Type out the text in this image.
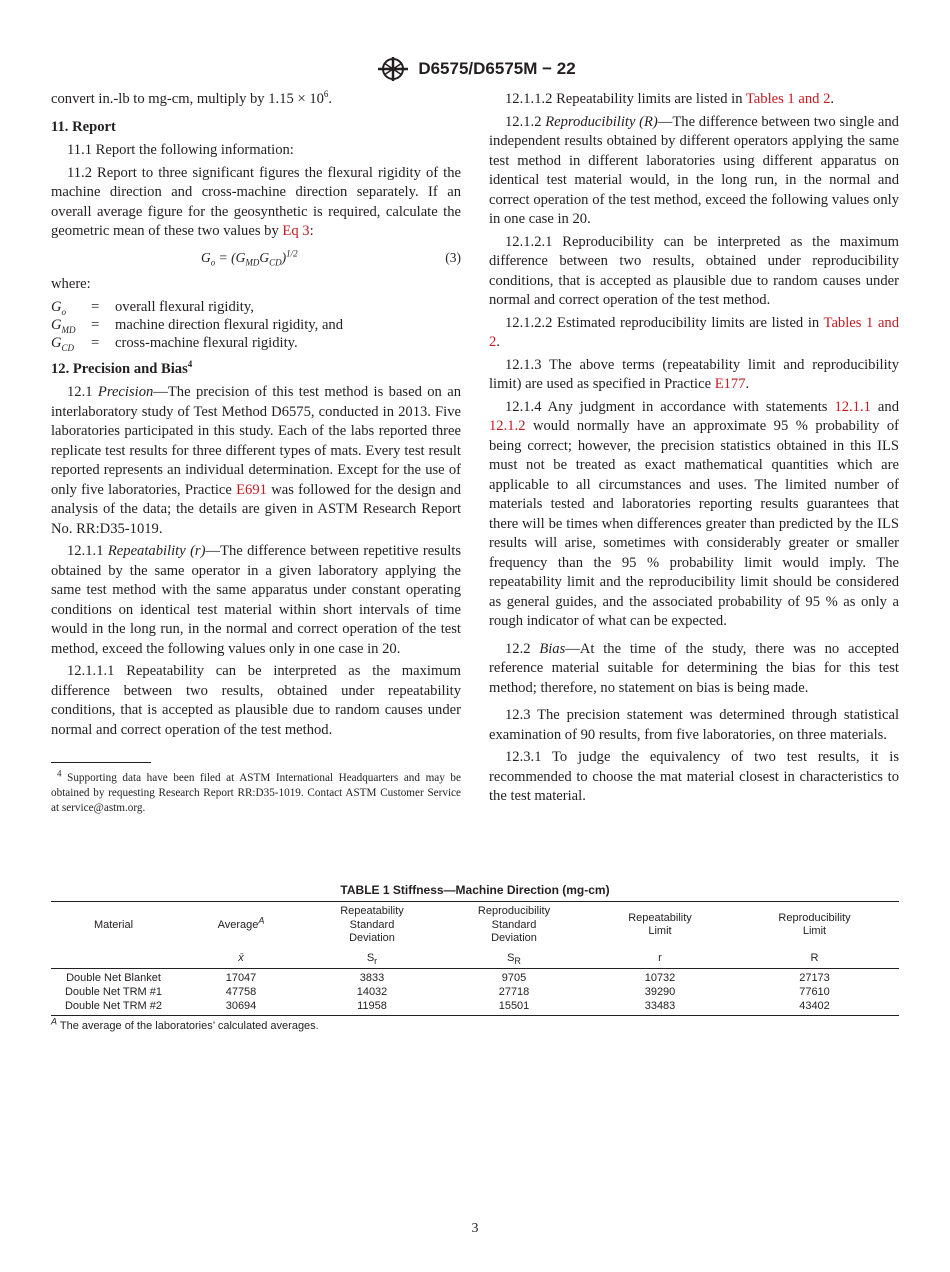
D6575/D6575M − 22

convert in.-lb to mg-cm, multiply by $1.15 \times 10^6$.

11. Report

11.1 Report the following information:

11.2 Report to three significant figures the flexural rigidity of the machine direction and cross-machine direction separately. If an overall average figure for the geosynthetic is required, calculate the geometric mean of these two values by Eq 3:

$G_o = (G_{MD}G_{CD})^{1/2}$	(3)

where:

$G_o$	=	overall flexural rigidity,
$G_{MD}$	=	machine direction flexural rigidity, and
$G_{CD}$	=	cross-machine flexural rigidity.
12. Precision and Bias$^4$

12.1 Precision—The precision of this test method is based on an interlaboratory study of Test Method D6575, conducted in 2013. Five laboratories participated in this study. Each of the labs reported three replicate test results for three different types of mats. Every test result reported represents an individual determination. Except for the use of only five laboratories, Practice E691 was followed for the design and analysis of the data; the details are given in ASTM Research Report No. RR:D35-1019.

12.1.1 Repeatability (r)—The difference between repetitive results obtained by the same operator in a given laboratory applying the same test method with the same apparatus under constant operating conditions on identical test material within short intervals of time would in the long run, in the normal and correct operation of the test method, exceed the following values only in one case in 20.

12.1.1.1 Repeatability can be interpreted as the maximum difference between two results, obtained under repeatability conditions, that is accepted as plausible due to random causes under normal and correct operation of the test method.

$^4$ Supporting data have been filed at ASTM International Headquarters and may be obtained by requesting Research Report RR:D35-1019. Contact ASTM Customer Service at service@astm.org.

12.1.1.2 Repeatability limits are listed in Tables 1 and 2.

12.1.2 Reproducibility (R)—The difference between two single and independent results obtained by different operators applying the same test method in different laboratories using different apparatus on identical test material would, in the long run, in the normal and correct operation of the test method, exceed the following values only in one case in 20.

12.1.2.1 Reproducibility can be interpreted as the maximum difference between two results, obtained under reproducibility conditions, that is accepted as plausible due to random causes under normal and correct operation of the test method.

12.1.2.2 Estimated reproducibility limits are listed in Tables 1 and 2.

12.1.3 The above terms (repeatability limit and reproducibility limit) are used as specified in Practice E177.

12.1.4 Any judgment in accordance with statements 12.1.1 and 12.1.2 would normally have an approximate 95 % probability of being correct; however, the precision statistics obtained in this ILS must not be treated as exact mathematical quantities which are applicable to all circumstances and uses. The limited number of materials tested and laboratories reporting results guarantees that there will be times when differences greater than predicted by the ILS results will arise, sometimes with considerably greater or smaller frequency than the 95 % probability limit would imply. The repeatability limit and the reproducibility limit should be considered as general guides, and the associated probability of 95 % as only a rough indicator of what can be expected.

12.2 Bias—At the time of the study, there was no accepted reference material suitable for determining the bias for this test method; therefore, no statement on bias is being made.

12.3 The precision statement was determined through statistical examination of 90 results, from five laboratories, on three materials.

12.3.1 To judge the equivalency of two test results, it is recommended to choose the mat material closest in characteristics to the test material.

TABLE 1 Stiffness—Machine Direction (mg-cm)
Material	Average$^A$	Repeatability
Standard
Deviation	Reproducibility
Standard
Deviation	Repeatability
Limit	Reproducibility
Limit
	x̄	$S_r$	$S_R$	r	R
Double Net Blanket	17047	3833	9705	10732	27173
Double Net TRM #1	47758	14032	27718	39290	77610
Double Net TRM #2	30694	11958	15501	33483	43402
$^A$ The average of the laboratories’ calculated averages.
3
